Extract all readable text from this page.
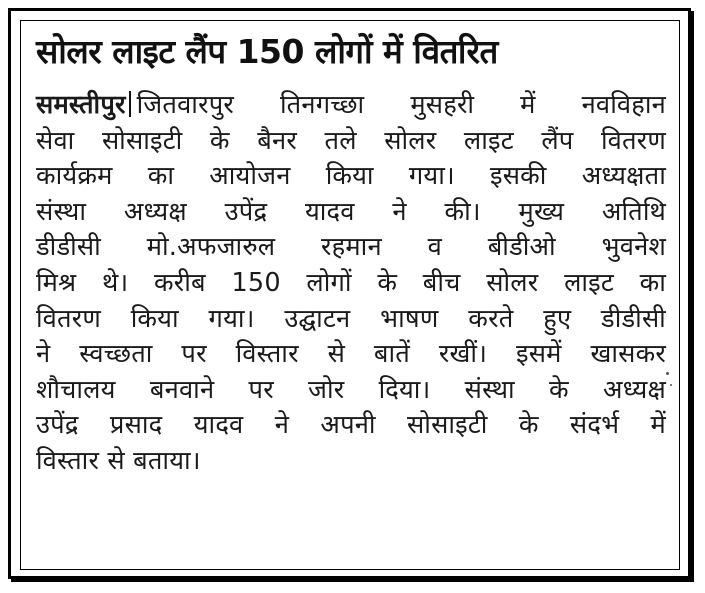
सोलर लाइट लैंप 150 लोगों में वितरित
समस्तीपुर जितवारपुर तिनगच्छा मुसहरी में नवविहान
सेवा सोसाइटी के बैनर तले सोलर लाइट लैंप वितरण
कार्यक्रम का आयोजन किया गया। इसकी अध्यक्षता
संस्था अध्यक्ष उपेंद्र यादव ने की। मुख्य अतिथि
डीडीसी मो.अफजारुल रहमान व बीडीओ भुवनेश
मिश्र थे। करीब 150 लोगों के बीच सोलर लाइट का
वितरण किया गया। उद्घाटन भाषण करते हुए डीडीसी
ने स्वच्छता पर विस्तार से बातें रखीं। इसमें खासकर
शौचालय बनवाने पर जोर दिया। संस्था के अध्यक्ष
उपेंद्र प्रसाद यादव ने अपनी सोसाइटी के संदर्भ में
विस्तार से बताया।
